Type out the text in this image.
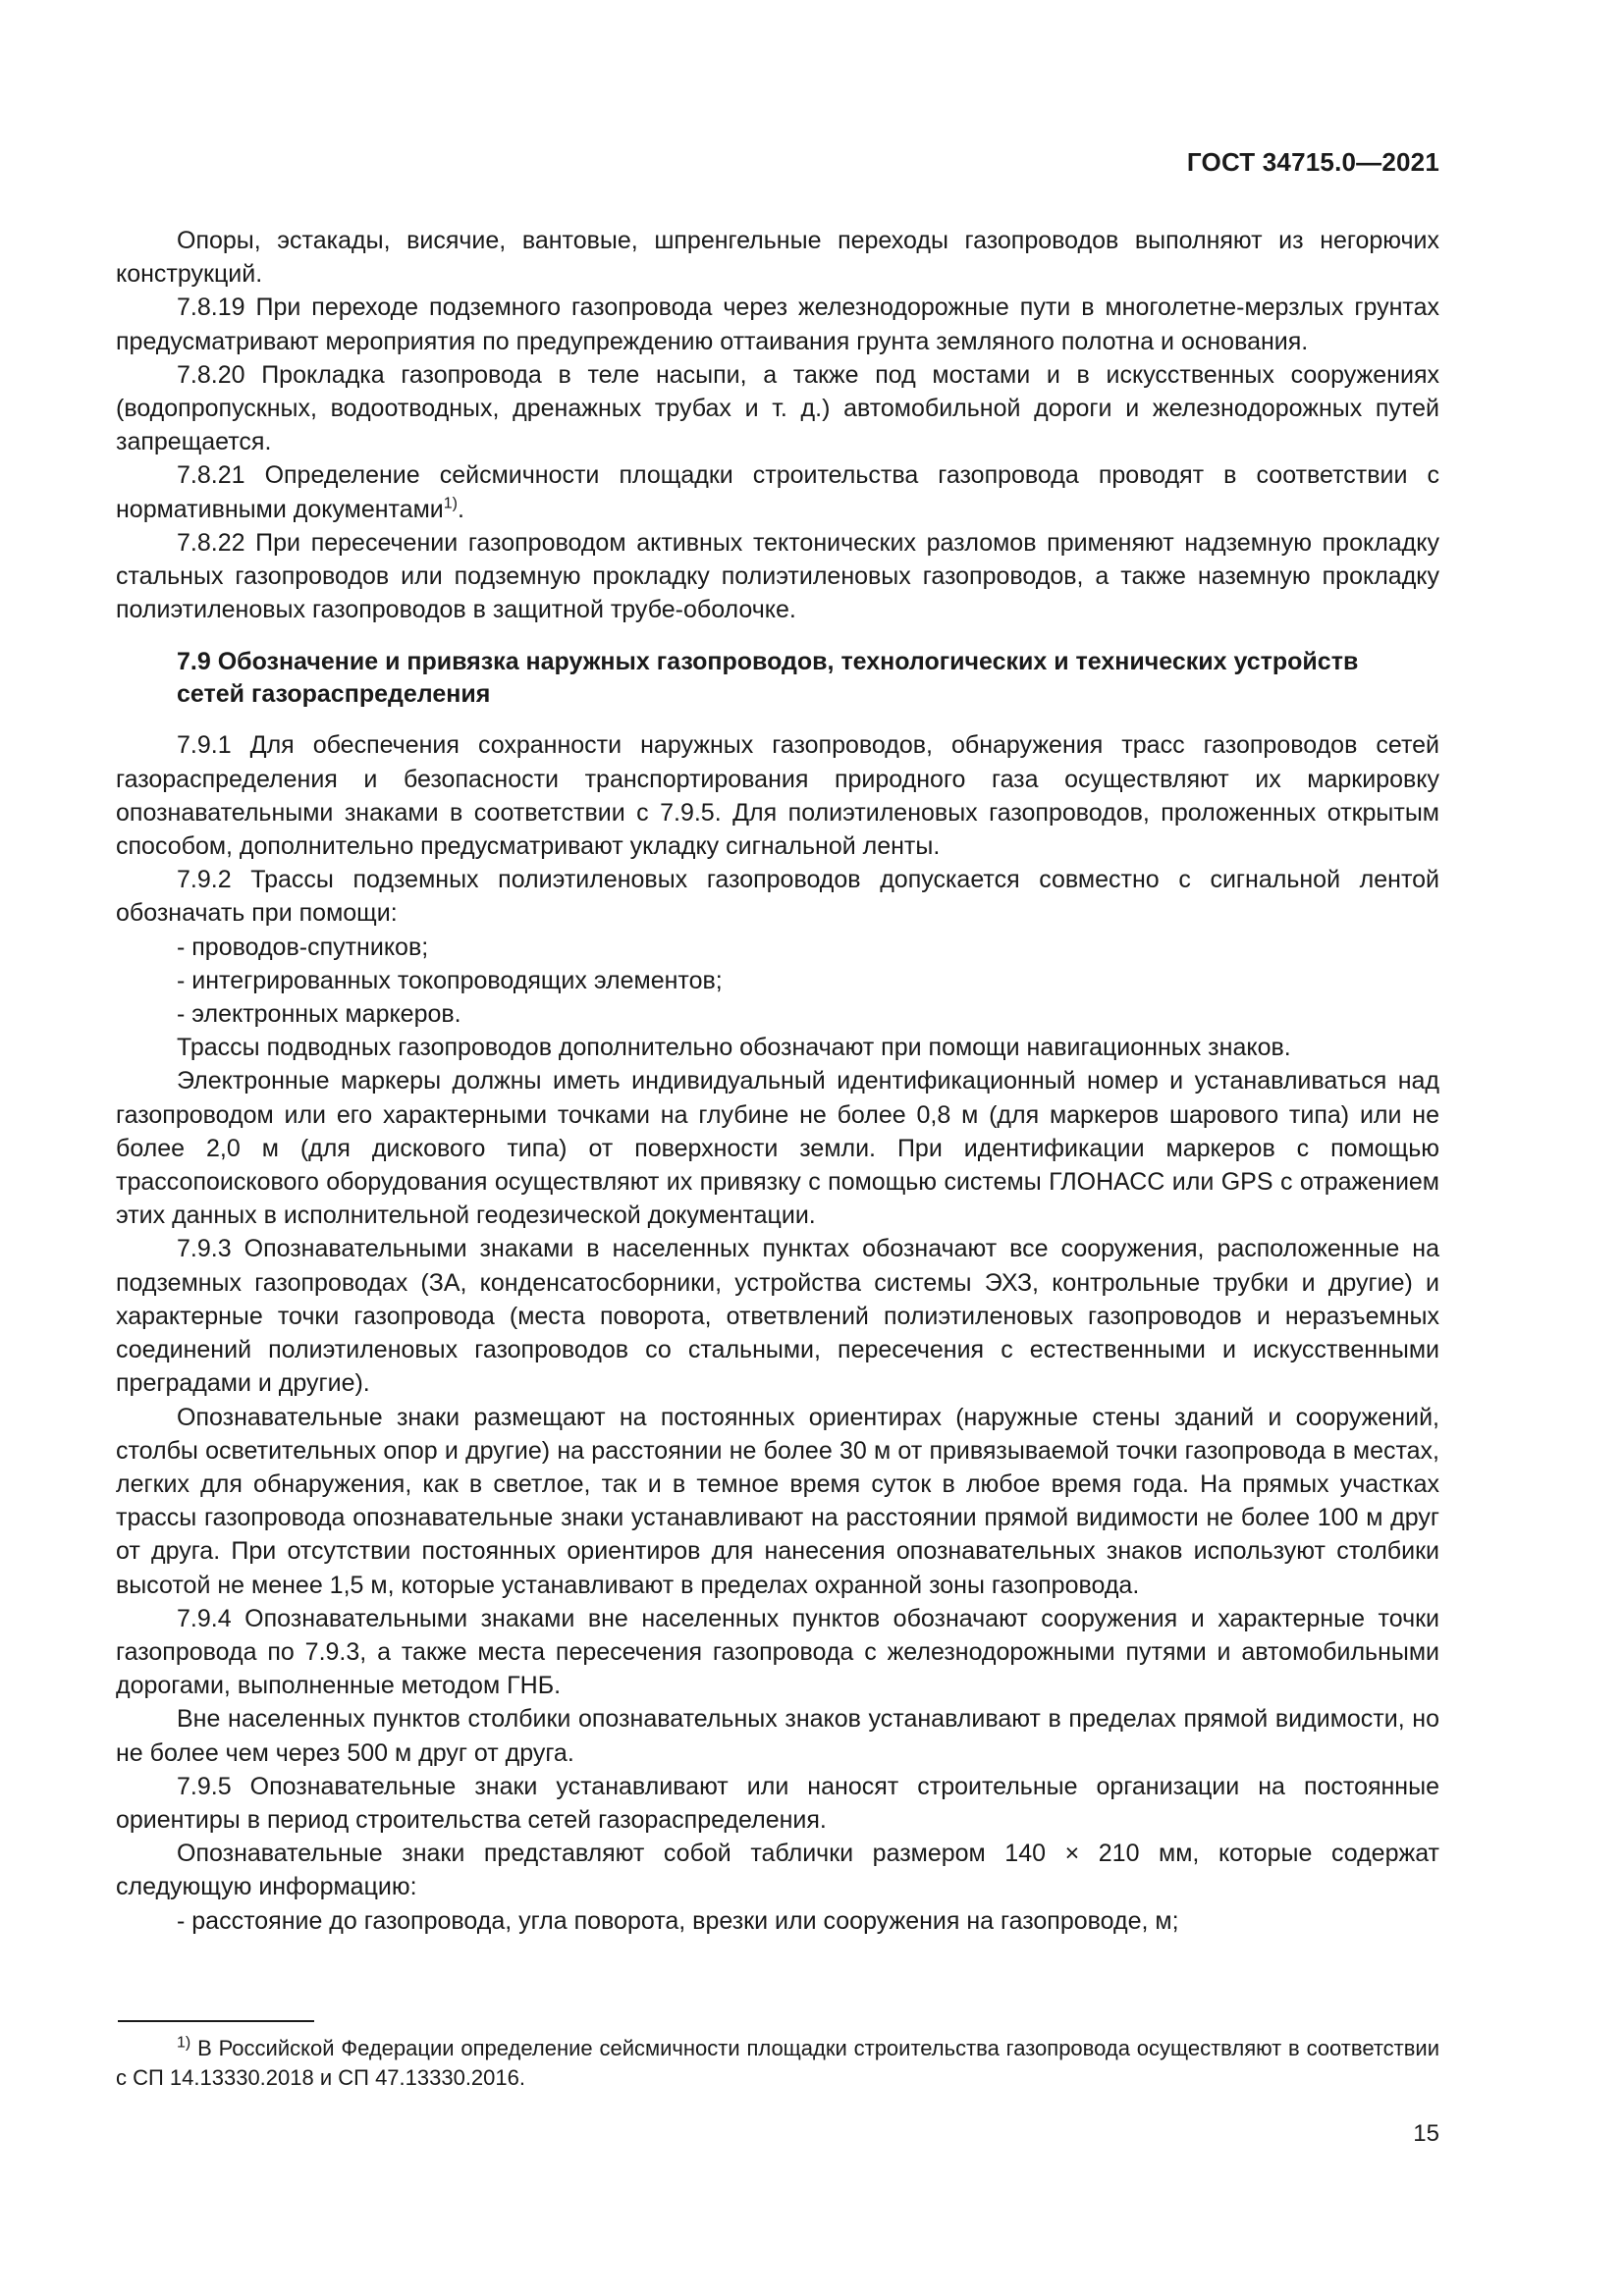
ГОСТ 34715.0—2021

Опоры, эстакады, висячие, вантовые, шпренгельные переходы газопроводов выполняют из негорючих конструкций.

7.8.19 При переходе подземного газопровода через железнодорожные пути в многолетне-мерзлых грунтах предусматривают мероприятия по предупреждению оттаивания грунта земляного полотна и основания.

7.8.20 Прокладка газопровода в теле насыпи, а также под мостами и в искусственных сооружениях (водопропускных, водоотводных, дренажных трубах и т. д.) автомобильной дороги и железнодорожных путей запрещается.

7.8.21 Определение сейсмичности площадки строительства газопровода проводят в соответствии с нормативными документами$^{1)}$.

7.8.22 При пересечении газопроводом активных тектонических разломов применяют надземную прокладку стальных газопроводов или подземную прокладку полиэтиленовых газопроводов, а также наземную прокладку полиэтиленовых газопроводов в защитной трубе-оболочке.

7.9 Обозначение и привязка наружных газопроводов, технологических и технических устройств сетей газораспределения

7.9.1 Для обеспечения сохранности наружных газопроводов, обнаружения трасс газопроводов сетей газораспределения и безопасности транспортирования природного газа осуществляют их маркировку опознавательными знаками в соответствии с 7.9.5. Для полиэтиленовых газопроводов, проложенных открытым способом, дополнительно предусматривают укладку сигнальной ленты.

7.9.2 Трассы подземных полиэтиленовых газопроводов допускается совместно с сигнальной лентой обозначать при помощи:

- проводов-спутников;

- интегрированных токопроводящих элементов;

- электронных маркеров.

Трассы подводных газопроводов дополнительно обозначают при помощи навигационных знаков.

Электронные маркеры должны иметь индивидуальный идентификационный номер и устанавливаться над газопроводом или его характерными точками на глубине не более 0,8 м (для маркеров шарового типа) или не более 2,0 м (для дискового типа) от поверхности земли. При идентификации маркеров с помощью трассопоискового оборудования осуществляют их привязку с помощью системы ГЛОНАСС или GPS с отражением этих данных в исполнительной геодезической документации.

7.9.3 Опознавательными знаками в населенных пунктах обозначают все сооружения, расположенные на подземных газопроводах (ЗА, конденсатосборники, устройства системы ЭХЗ, контрольные трубки и другие) и характерные точки газопровода (места поворота, ответвлений полиэтиленовых газопроводов и неразъемных соединений полиэтиленовых газопроводов со стальными, пересечения с естественными и искусственными преградами и другие).

Опознавательные знаки размещают на постоянных ориентирах (наружные стены зданий и сооружений, столбы осветительных опор и другие) на расстоянии не более 30 м от привязываемой точки газопровода в местах, легких для обнаружения, как в светлое, так и в темное время суток в любое время года. На прямых участках трассы газопровода опознавательные знаки устанавливают на расстоянии прямой видимости не более 100 м друг от друга. При отсутствии постоянных ориентиров для нанесения опознавательных знаков используют столбики высотой не менее 1,5 м, которые устанавливают в пределах охранной зоны газопровода.

7.9.4 Опознавательными знаками вне населенных пунктов обозначают сооружения и характерные точки газопровода по 7.9.3, а также места пересечения газопровода с железнодорожными путями и автомобильными дорогами, выполненные методом ГНБ.

Вне населенных пунктов столбики опознавательных знаков устанавливают в пределах прямой видимости, но не более чем через 500 м друг от друга.

7.9.5 Опознавательные знаки устанавливают или наносят строительные организации на постоянные ориентиры в период строительства сетей газораспределения.

Опознавательные знаки представляют собой таблички размером 140 × 210 мм, которые содержат следующую информацию:

- расстояние до газопровода, угла поворота, врезки или сооружения на газопроводе, м;

$^{1)}$ В Российской Федерации определение сейсмичности площадки строительства газопровода осуществляют в соответствии с СП 14.13330.2018 и СП 47.13330.2016.
15
